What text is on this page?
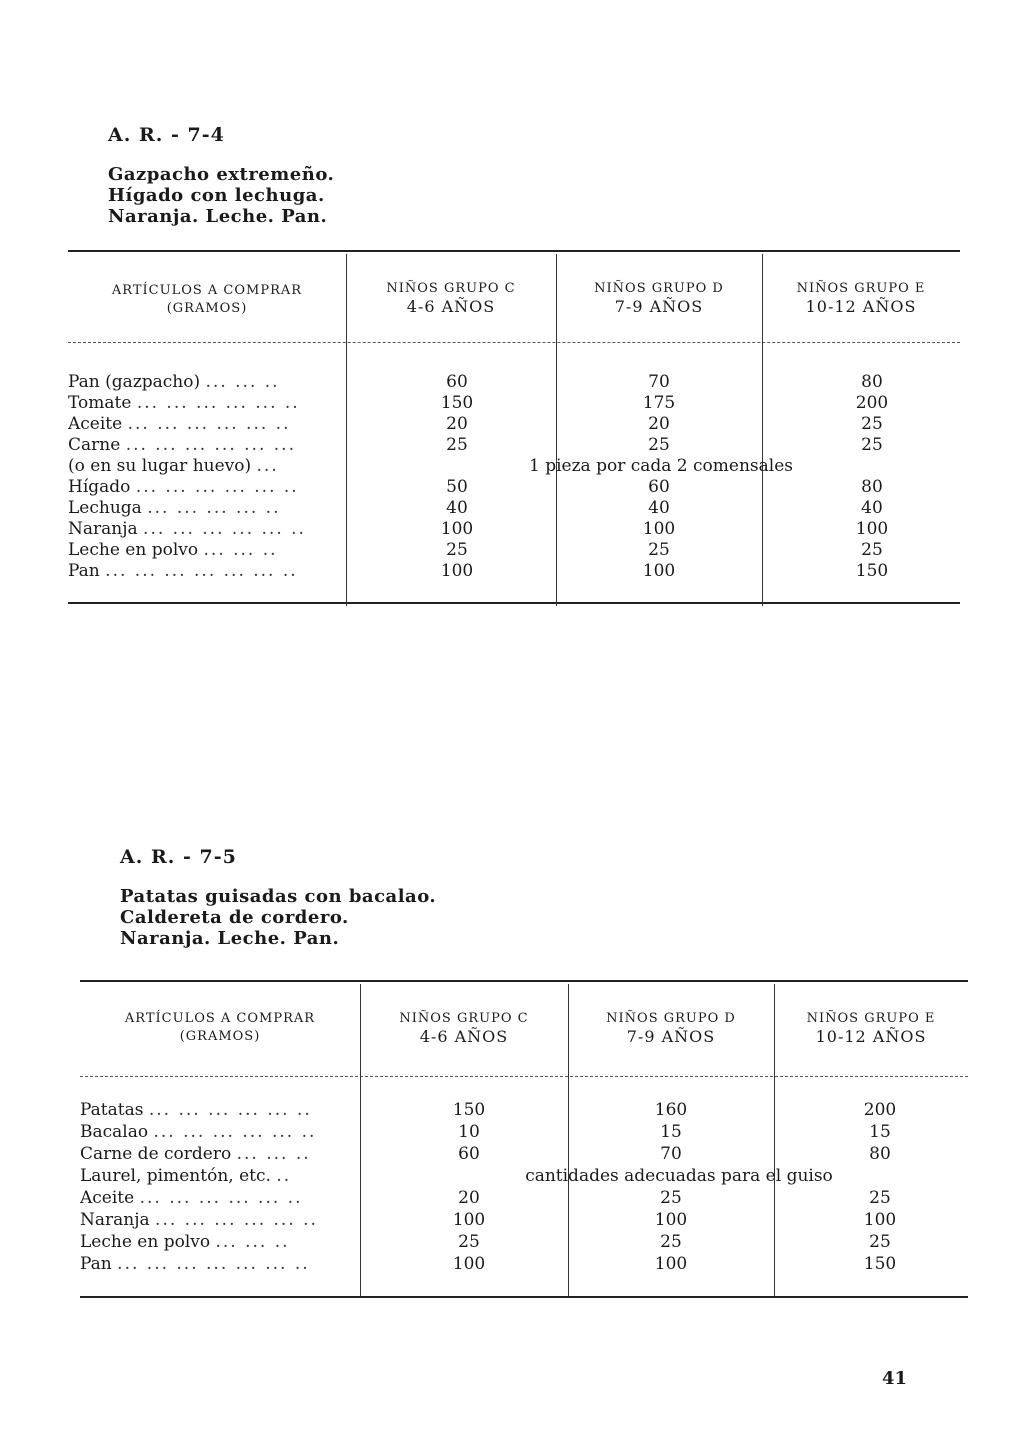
A. R. - 7-4
Gazpacho extremeño.
Hígado con lechuga.
Naranja. Leche. Pan.
ARTÍCULOS A COMPRAR
(GRAMOS)
NIÑOS GRUPO C
4-6 AÑOS
NIÑOS GRUPO D
7-9 AÑOS
NIÑOS GRUPO E
10-12 AÑOS
Pan (gazpacho) ... ... ..	60	70	80
Tomate ... ... ... ... ... ..	150	175	200
Aceite ... ... ... ... ... ..	20	20	25
Carne ... ... ... ... ... ...	25	25	25
(o en su lugar huevo) ...	1 pieza por cada 2 comensales
Hígado ... ... ... ... ... ..	50	60	80
Lechuga ... ... ... ... ..	40	40	40
Naranja ... ... ... ... ... ..	100	100	100
Leche en polvo ... ... ..	25	25	25
Pan ... ... ... ... ... ... ..	100	100	150
A. R. - 7-5
Patatas guisadas con bacalao.
Caldereta de cordero.
Naranja. Leche. Pan.
ARTÍCULOS A COMPRAR
(GRAMOS)
NIÑOS GRUPO C
4-6 AÑOS
NIÑOS GRUPO D
7-9 AÑOS
NIÑOS GRUPO E
10-12 AÑOS
Patatas ... ... ... ... ... ..	150	160	200
Bacalao ... ... ... ... ... ..	10	15	15
Carne de cordero ... ... ..	60	70	80
Laurel, pimentón, etc. ..	cantidades adecuadas para el guiso
Aceite ... ... ... ... ... ..	20	25	25
Naranja ... ... ... ... ... ..	100	100	100
Leche en polvo ... ... ..	25	25	25
Pan ... ... ... ... ... ... ..	100	100	150
41
